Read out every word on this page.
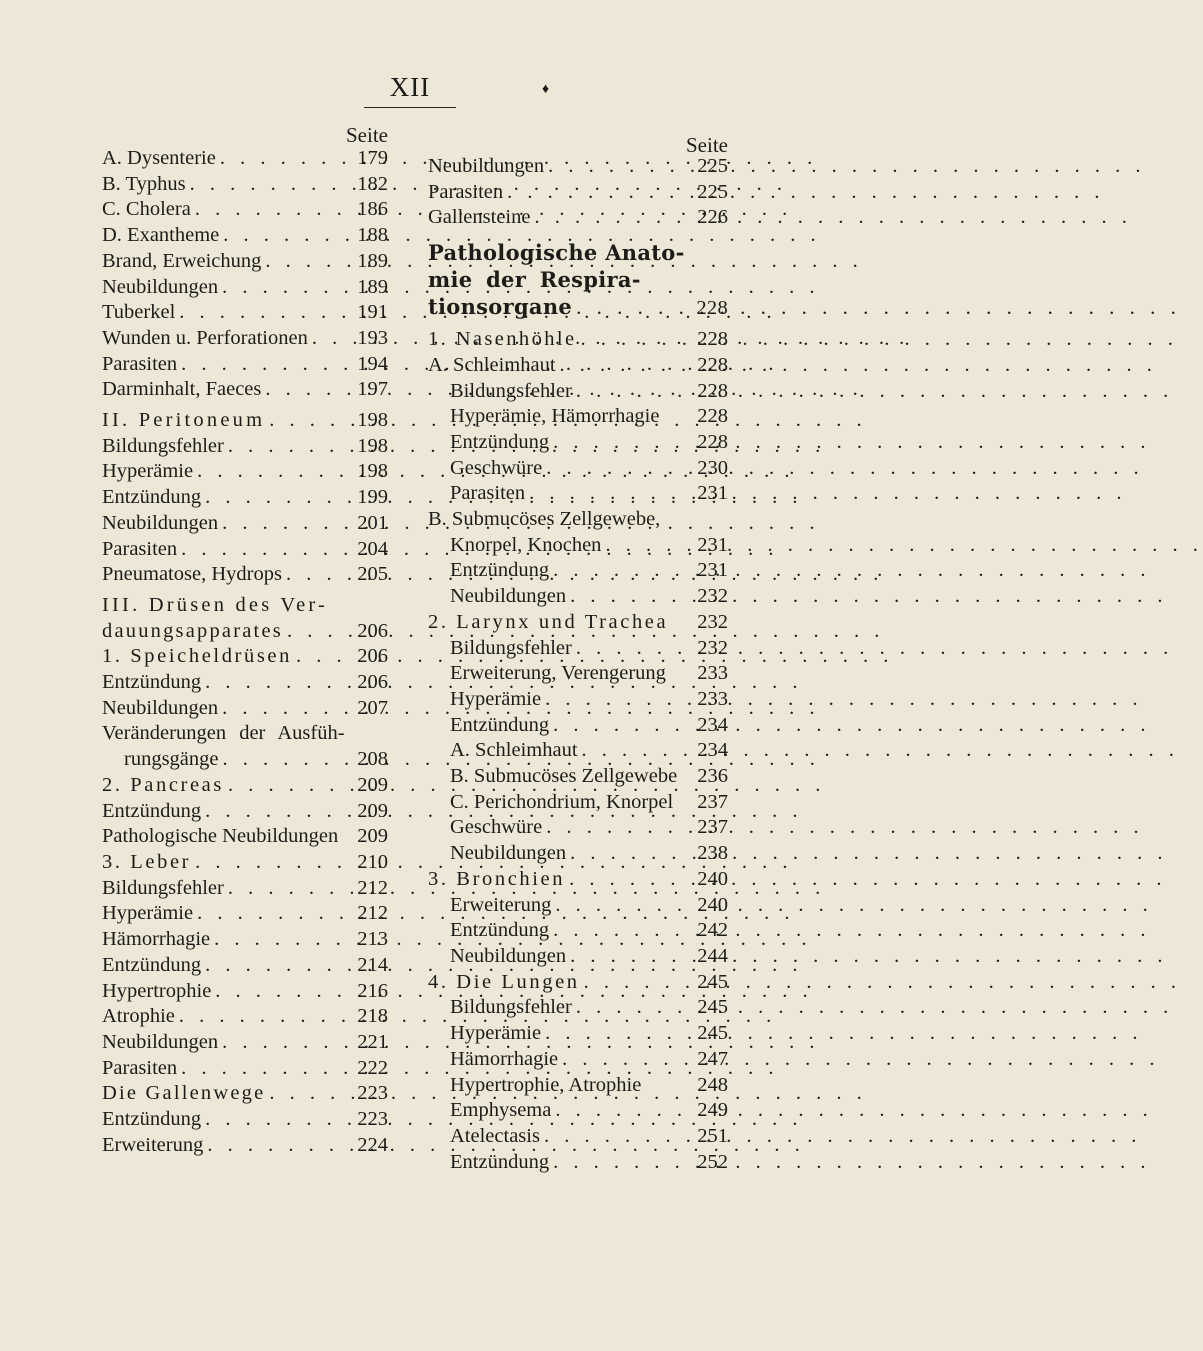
XII	♦
Seite
A. Dysenterie . . .	179
B. Typhus . . .	182
C. Cholera . . .	186
D. Exantheme . . .	188
Brand, Erweichung . . .	189
Neubildungen . . .	189
Tuberkel . . .	191
Wunden u. Perforationen . . . 193
Parasiten . . .	194
Darminhalt, Faeces . . .	197
II. Peritoneum . . .	198
Bildungsfehler . . .	198
Hyperämie . . .	198
Entzündung . . .	199
Neubildungen . . .	201
Parasiten . . .	204
Pneumatose, Hydrops . . .	205
III. Drüsen des Ver-
dauungsapparates . . .	206
1. Speicheldrüsen . . .	206
Entzündung . . .	206
Neubildungen . . .	207
Veränderungen der Ausfüh-
rungsgänge . . .	208
2. Pancreas . . .	209
Entzündung . . .	209
Pathologische Neubildungen 209
3. Leber . . .	210
Bildungsfehler . . .	212
Hyperämie . . .	212
Hämorrhagie . . .	213
Entzündung . . .	214
Hypertrophie . . .	216
Atrophie . . .	218
Neubildungen . . .	221
Parasiten . . .	222
Die Gallenwege . . .	223
Entzündung . . .	223
Erweiterung . . .	224
Seite
Neubildungen . . .	225
Parasiten . . .	225
Gallensteine . . .	226
Pathologische Anato-
mie der Respira-
tionsorgane . . .	228
1. Nasenhöhle . . .	228
A. Schleimhaut . . .	228
Bildungsfehler . . .	228
Hyperämie, Hämorrhagie 228
Entzündung . . .	228
Geschwüre . . .	230
Parasiten . . .	231
B. Submucöses Zellgewebe,
Knorpel, Knochen . . .	231
Entzündung . . .	231
Neubildungen . . .	232
2. Larynx und Trachea 232
Bildungsfehler . . .	232
Erweiterung, Verengerung 233
Hyperämie . . .	233
Entzündung . . .	234
A. Schleimhaut . . .	234
B. Submucöses Zellgewebe 236
C. Perichondrium, Knorpel 237
Geschwüre . . .	237
Neubildungen . . .	238
3. Bronchien . . .	240
Erweiterung . . .	240
Entzündung . . .	242
Neubildungen . . .	244
4. Die Lungen . . .	245
Bildungsfehler . . .	245
Hyperämie . . .	245
Hämorrhagie . . .	247
Hypertrophie, Atrophie	248
Emphysema . . .	249
Atelectasis . . .	251
Entzündung . . .	252
